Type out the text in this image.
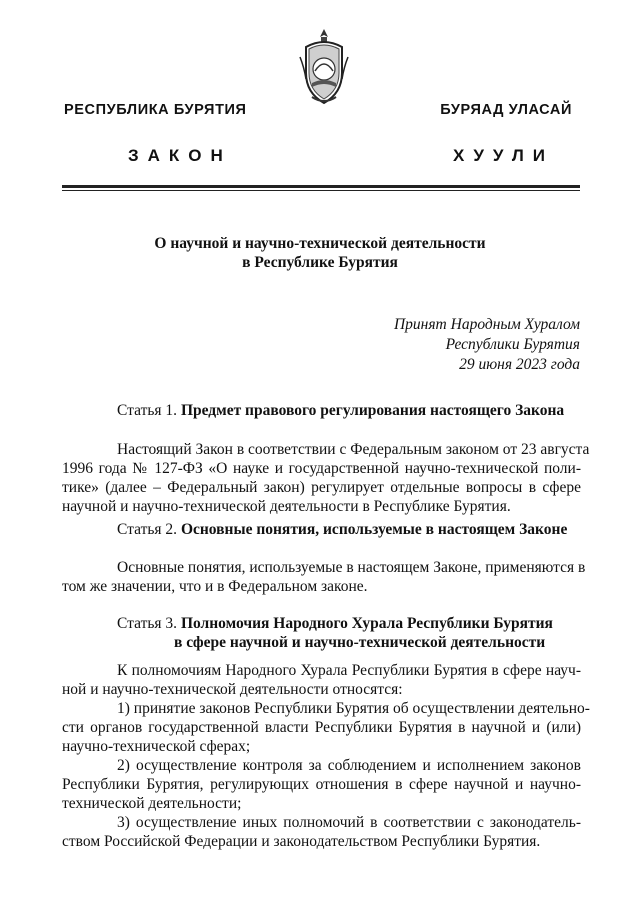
РЕСПУБЛИКА БУРЯТИЯ	БУРЯАД УЛАСАЙ
ЗАКОН	ХУУЛИ
О научной и научно-технической деятельности
в Республике Бурятия
Принят Народным Хуралом
Республики Бурятия
29 июня 2023 года
Статья 1. Предмет правового регулирования настоящего Закона
Настоящий Закон в соответствии с Федеральным законом от 23 августа
1996 года № 127-ФЗ «О науке и государственной научно-технической поли-
тике» (далее – Федеральный закон) регулирует отдельные вопросы в сфере
научной и научно-технической деятельности в Республике Бурятия.
Статья 2. Основные понятия, используемые в настоящем Законе
Основные понятия, используемые в настоящем Законе, применяются в
том же значении, что и в Федеральном законе.
Статья 3. Полномочия Народного Хурала Республики Бурятия
в сфере научной и научно-технической деятельности
К полномочиям Народного Хурала Республики Бурятия в сфере науч-
ной и научно-технической деятельности относятся:
1) принятие законов Республики Бурятия об осуществлении деятельно-
сти органов государственной власти Республики Бурятия в научной и (или)
научно-технической сферах;
2) осуществление контроля за соблюдением и исполнением законов
Республики Бурятия, регулирующих отношения в сфере научной и научно-
технической деятельности;
3) осуществление иных полномочий в соответствии с законодатель-
ством Российской Федерации и законодательством Республики Бурятия.
